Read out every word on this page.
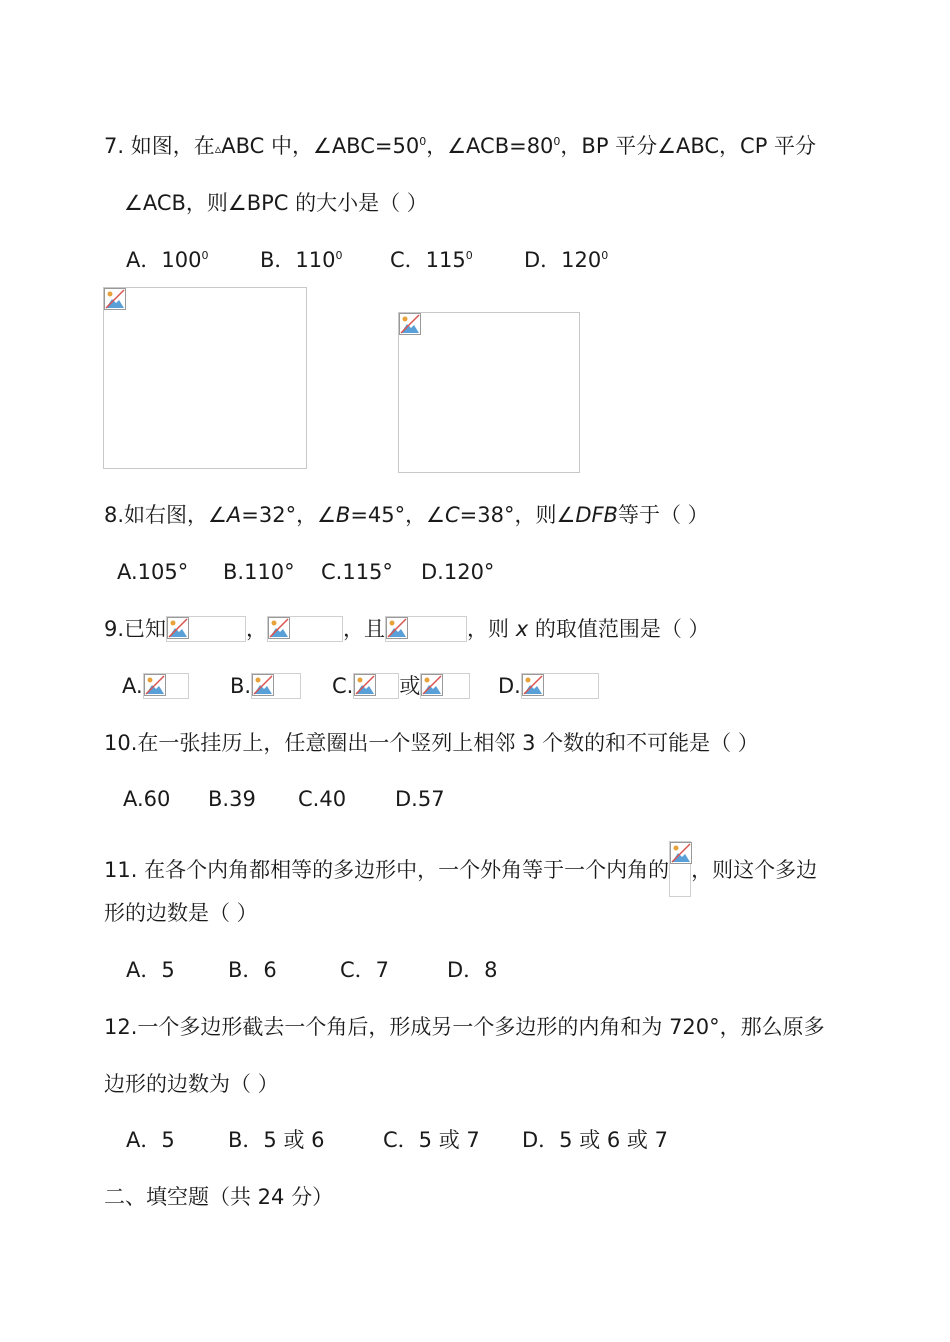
7. 如图，在▵ABC 中，$\angle ABC=50^0$，$\angle ACB=80^0$，BP 平分∠ABC，CP 平分
∠ACB，则∠BPC 的大小是（ ）
A．$100^0$ B．$110^0$ C．$115^0$ D．$120^0$
8.如右图，∠A=32°，∠B=45°，∠C=38°，则∠DFB等于（ ）
A.105° B.110° C.115° D.120°
9.已知	，	，且	，则 x 的取值范围是（ ）
A.	B.	C. 或	D.
10.在一张挂历上，任意圈出一个竖列上相邻 3 个数的和不可能是（ ）
A.60 B.39 C.40 D.57
11. 在各个内角都相等的多边形中，一个外角等于一个内角的 ，则这个多边
形的边数是（ ）
A．5	B．6	C．7	D．8
12.一个多边形截去一个角后，形成另一个多边形的内角和为 720°，那么原多
边形的边数为（ ）
A．5	B．5 或 6	C．5 或 7 D．5 或 6 或 7
二、填空题（共 24 分）
